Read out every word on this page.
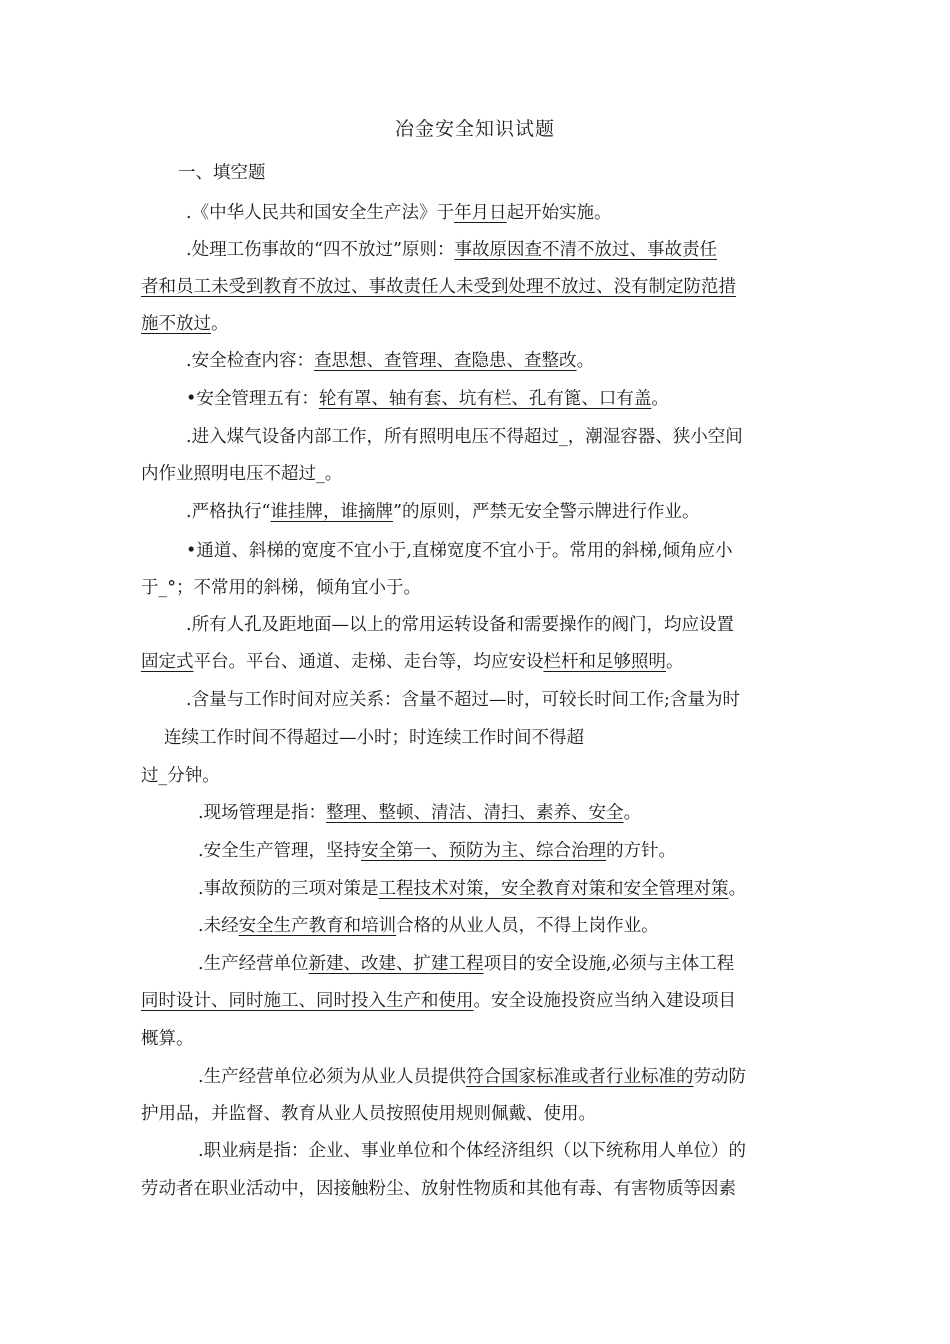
冶金安全知识试题
一、填空题
.《中华人民共和国安全生产法》于年月日起开始实施。
.处理工伤事故的“四不放过”原则：事故原因查不清不放过、事故责任
者和员工未受到教育不放过、事故责任人未受到处理不放过、没有制定防范措
施不放过。
.安全检查内容：查思想、查管理、查隐患、查整改。
•安全管理五有：轮有罩、轴有套、坑有栏、孔有篦、口有盖。
.进入煤气设备内部工作，所有照明电压不得超过_，潮湿容器、狭小空间
内作业照明电压不超过_。
.严格执行“谁挂牌，谁摘牌”的原则，严禁无安全警示牌进行作业。
•通道、斜梯的宽度不宜小于,直梯宽度不宜小于。常用的斜梯,倾角应小
于_°；不常用的斜梯，倾角宜小于。
.所有人孔及距地面—以上的常用运转设备和需要操作的阀门，均应设置
固定式平台。平台、通道、走梯、走台等，均应安设栏杆和足够照明。
.含量与工作时间对应关系：含量不超过—时，可较长时间工作;含量为时
连续工作时间不得超过—小时；时连续工作时间不得超
过_分钟。
.现场管理是指：整理、整顿、清洁、清扫、素养、安全。
.安全生产管理，坚持安全第一、预防为主、综合治理的方针。
.事故预防的三项对策是工程技术对策，安全教育对策和安全管理对策。
.未经安全生产教育和培训合格的从业人员，不得上岗作业。
.生产经营单位新建、改建、扩建工程项目的安全设施,必须与主体工程
同时设计、同时施工、同时投入生产和使用。安全设施投资应当纳入建设项目
概算。
.生产经营单位必须为从业人员提供符合国家标准或者行业标准的劳动防
护用品，并监督、教育从业人员按照使用规则佩戴、使用。
.职业病是指：企业、事业单位和个体经济组织（以下统称用人单位）的
劳动者在职业活动中，因接触粉尘、放射性物质和其他有毒、有害物质等因素
